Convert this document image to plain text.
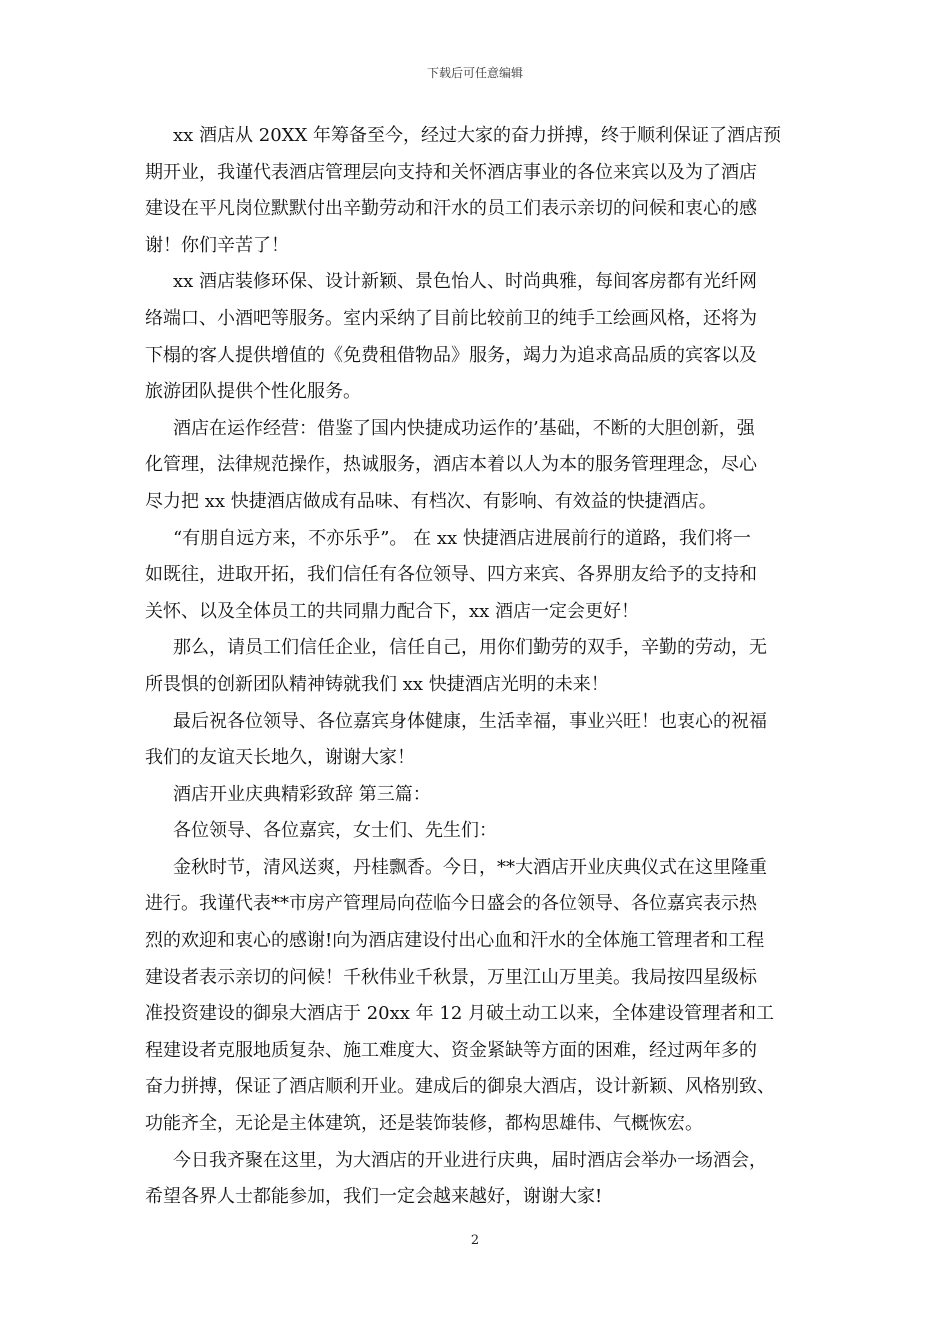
下载后可任意编辑
xx 酒店从 20XX 年筹备至今，经过大家的奋力拼搏，终于顺利保证了酒店预
期开业，我谨代表酒店管理层向支持和关怀酒店事业的各位来宾以及为了酒店
建设在平凡岗位默默付出辛勤劳动和汗水的员工们表示亲切的问候和衷心的感
谢！你们辛苦了！
xx 酒店装修环保、设计新颖、景色怡人、时尚典雅，每间客房都有光纤网
络端口、小酒吧等服务。室内采纳了目前比较前卫的纯手工绘画风格，还将为
下榻的客人提供增值的《免费租借物品》服务，竭力为追求高品质的宾客以及
旅游团队提供个性化服务。
酒店在运作经营：借鉴了国内快捷成功运作的’基础，不断的大胆创新，强
化管理，法律规范操作，热诚服务，酒店本着以人为本的服务管理理念，尽心
尽力把 xx 快捷酒店做成有品味、有档次、有影响、有效益的快捷酒店。
“有朋自远方来，不亦乐乎”。 在 xx 快捷酒店进展前行的道路，我们将一
如既往，进取开拓，我们信任有各位领导、四方来宾、各界朋友给予的支持和
关怀、以及全体员工的共同鼎力配合下，xx 酒店一定会更好！
那么，请员工们信任企业，信任自己，用你们勤劳的双手，辛勤的劳动，无
所畏惧的创新团队精神铸就我们 xx 快捷酒店光明的未来！
最后祝各位领导、各位嘉宾身体健康，生活幸福，事业兴旺！也衷心的祝福
我们的友谊天长地久，谢谢大家！
酒店开业庆典精彩致辞 第三篇：
各位领导、各位嘉宾，女士们、先生们：
金秋时节，清风送爽，丹桂飘香。今日，**大酒店开业庆典仪式在这里隆重
进行。我谨代表**市房产管理局向莅临今日盛会的各位领导、各位嘉宾表示热
烈的欢迎和衷心的感谢!向为酒店建设付出心血和汗水的全体施工管理者和工程
建设者表示亲切的问候！千秋伟业千秋景，万里江山万里美。我局按四星级标
准投资建设的御泉大酒店于 20xx 年 12 月破土动工以来，全体建设管理者和工
程建设者克服地质复杂、施工难度大、资金紧缺等方面的困难，经过两年多的
奋力拼搏，保证了酒店顺利开业。建成后的御泉大酒店，设计新颖、风格别致、
功能齐全，无论是主体建筑，还是装饰装修，都构思雄伟、气概恢宏。
今日我齐聚在这里，为大酒店的开业进行庆典，届时酒店会举办一场酒会，
希望各界人士都能参加，我们一定会越来越好，谢谢大家!
2
